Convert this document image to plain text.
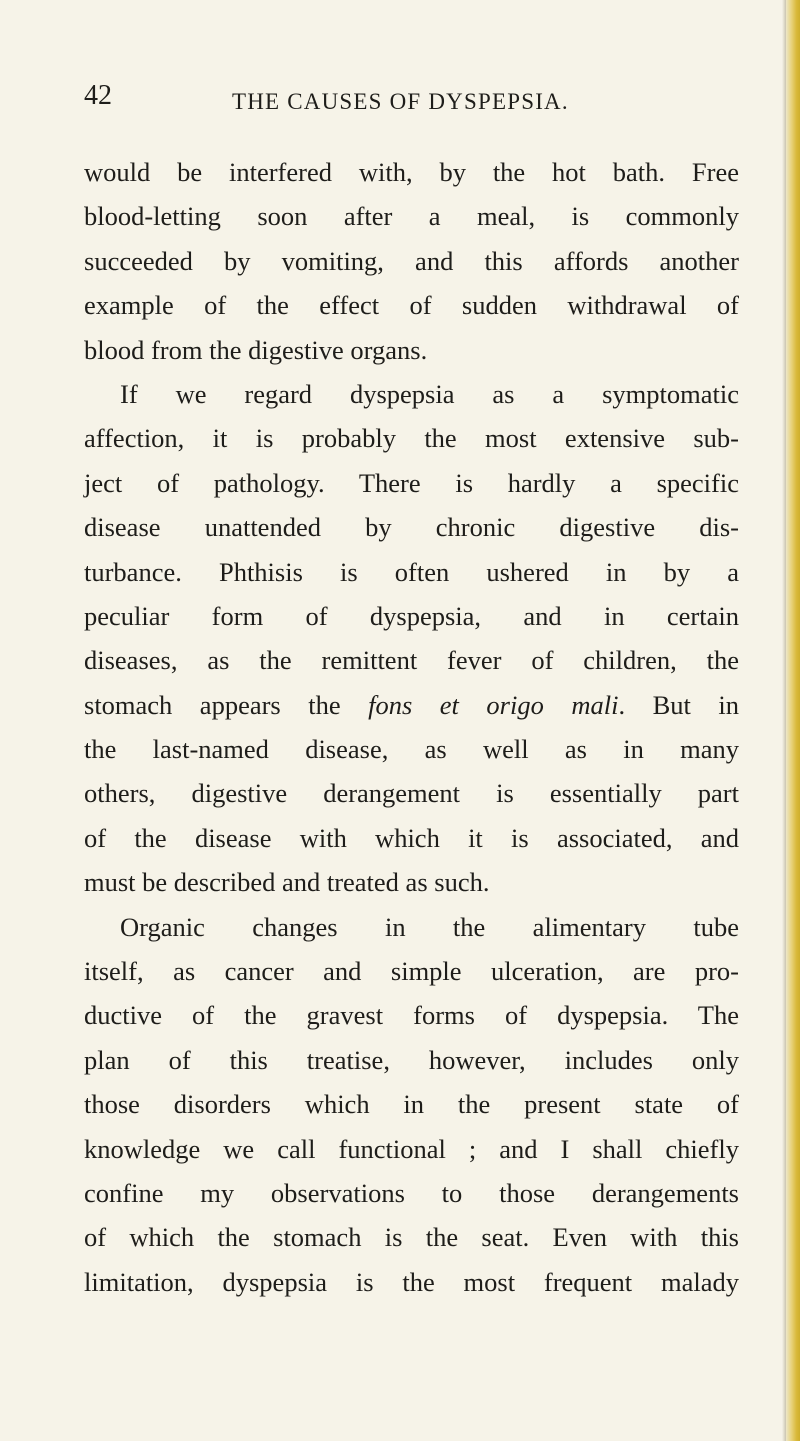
42	THE CAUSES OF DYSPEPSIA.
would be interfered with, by the hot bath. Free
blood-letting soon after a meal, is commonly
succeeded by vomiting, and this affords another
example of the effect of sudden withdrawal of
blood from the digestive organs.
If we regard dyspepsia as a symptomatic
affection, it is probably the most extensive sub-
ject of pathology. There is hardly a specific
disease unattended by chronic digestive dis-
turbance. Phthisis is often ushered in by a
peculiar form of dyspepsia, and in certain
diseases, as the remittent fever of children, the
stomach appears the fons et origo mali. But in
the last-named disease, as well as in many
others, digestive derangement is essentially part
of the disease with which it is associated, and
must be described and treated as such.
Organic changes in the alimentary tube
itself, as cancer and simple ulceration, are pro-
ductive of the gravest forms of dyspepsia. The
plan of this treatise, however, includes only
those disorders which in the present state of
knowledge we call functional ; and I shall chiefly
confine my observations to those derangements
of which the stomach is the seat. Even with this
limitation, dyspepsia is the most frequent malady
